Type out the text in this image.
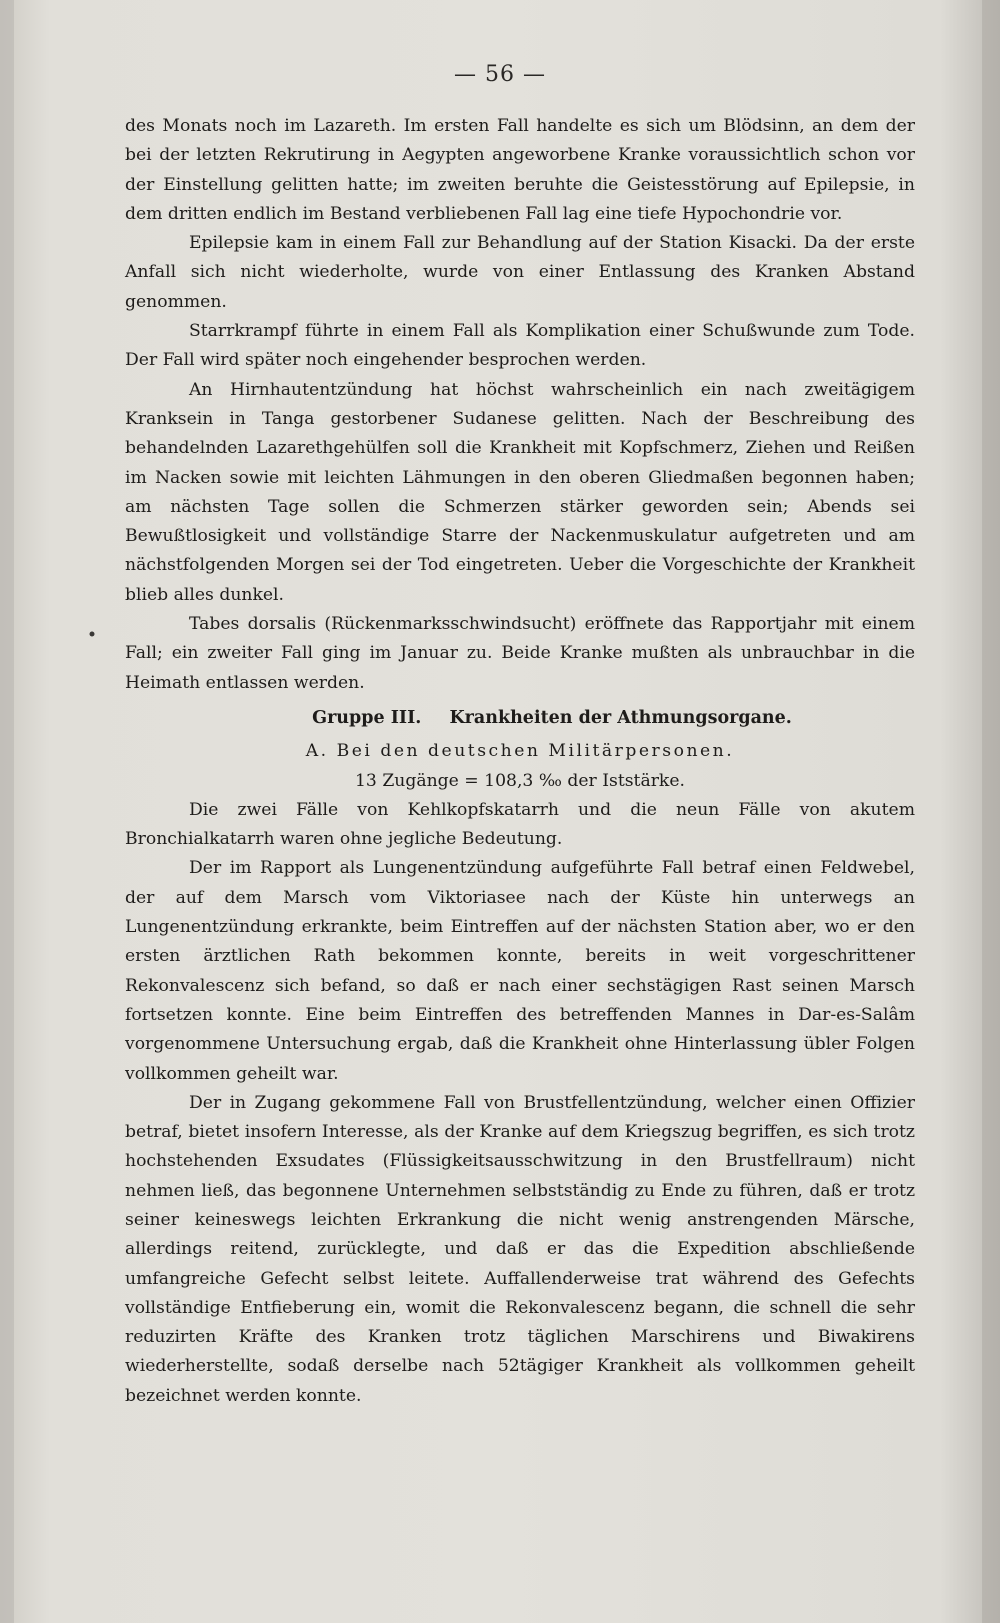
— 56 —

des Monats noch im Lazareth. Im ersten Fall handelte es sich um Blödsinn, an dem der bei der letzten Rekrutirung in Aegypten angeworbene Kranke voraussichtlich schon vor der Einstellung gelitten hatte; im zweiten beruhte die Geistesstörung auf Epilepsie, in dem dritten endlich im Bestand verbliebenen Fall lag eine tiefe Hypochondrie vor.

Epilepsie kam in einem Fall zur Behandlung auf der Station Kisacki. Da der erste Anfall sich nicht wiederholte, wurde von einer Entlassung des Kranken Abstand genommen.

Starrkrampf führte in einem Fall als Komplikation einer Schußwunde zum Tode. Der Fall wird später noch eingehender besprochen werden.

An Hirnhautentzündung hat höchst wahrscheinlich ein nach zweitägigem Kranksein in Tanga gestorbener Sudanese gelitten. Nach der Beschreibung des behandelnden Lazarethgehülfen soll die Krankheit mit Kopfschmerz, Ziehen und Reißen im Nacken sowie mit leichten Lähmungen in den oberen Gliedmaßen begonnen haben; am nächsten Tage sollen die Schmerzen stärker geworden sein; Abends sei Bewußtlosigkeit und vollständige Starre der Nackenmuskulatur aufgetreten und am nächstfolgenden Morgen sei der Tod eingetreten. Ueber die Vorgeschichte der Krankheit blieb alles dunkel.

Tabes dorsalis (Rückenmarksschwindsucht) eröffnete das Rapportjahr mit einem Fall; ein zweiter Fall ging im Januar zu. Beide Kranke mußten als unbrauchbar in die Heimath entlassen werden.

Gruppe III. Krankheiten der Athmungsorgane.

A. Bei den deutschen Militärpersonen.

13 Zugänge = 108,3 ‰ der Iststärke.

Die zwei Fälle von Kehlkopfskatarrh und die neun Fälle von akutem Bronchialkatarrh waren ohne jegliche Bedeutung.

Der im Rapport als Lungenentzündung aufgeführte Fall betraf einen Feldwebel, der auf dem Marsch vom Viktoriasee nach der Küste hin unterwegs an Lungenentzündung erkrankte, beim Eintreffen auf der nächsten Station aber, wo er den ersten ärztlichen Rath bekommen konnte, bereits in weit vorgeschrittener Rekonvalescenz sich befand, so daß er nach einer sechstägigen Rast seinen Marsch fortsetzen konnte. Eine beim Eintreffen des betreffenden Mannes in Dar-es-Salâm vorgenommene Untersuchung ergab, daß die Krankheit ohne Hinterlassung übler Folgen vollkommen geheilt war.

Der in Zugang gekommene Fall von Brustfellentzündung, welcher einen Offizier betraf, bietet insofern Interesse, als der Kranke auf dem Kriegszug begriffen, es sich trotz hochstehenden Exsudates (Flüssigkeitsausschwitzung in den Brustfellraum) nicht nehmen ließ, das begonnene Unternehmen selbstständig zu Ende zu führen, daß er trotz seiner keineswegs leichten Erkrankung die nicht wenig anstrengenden Märsche, allerdings reitend, zurücklegte, und daß er das die Expedition abschließende umfangreiche Gefecht selbst leitete. Auffallenderweise trat während des Gefechts vollständige Entfieberung ein, womit die Rekonvalescenz begann, die schnell die sehr reduzirten Kräfte des Kranken trotz täglichen Marschirens und Biwakirens wiederherstellte, sodaß derselbe nach 52tägiger Krankheit als vollkommen geheilt bezeichnet werden konnte.
